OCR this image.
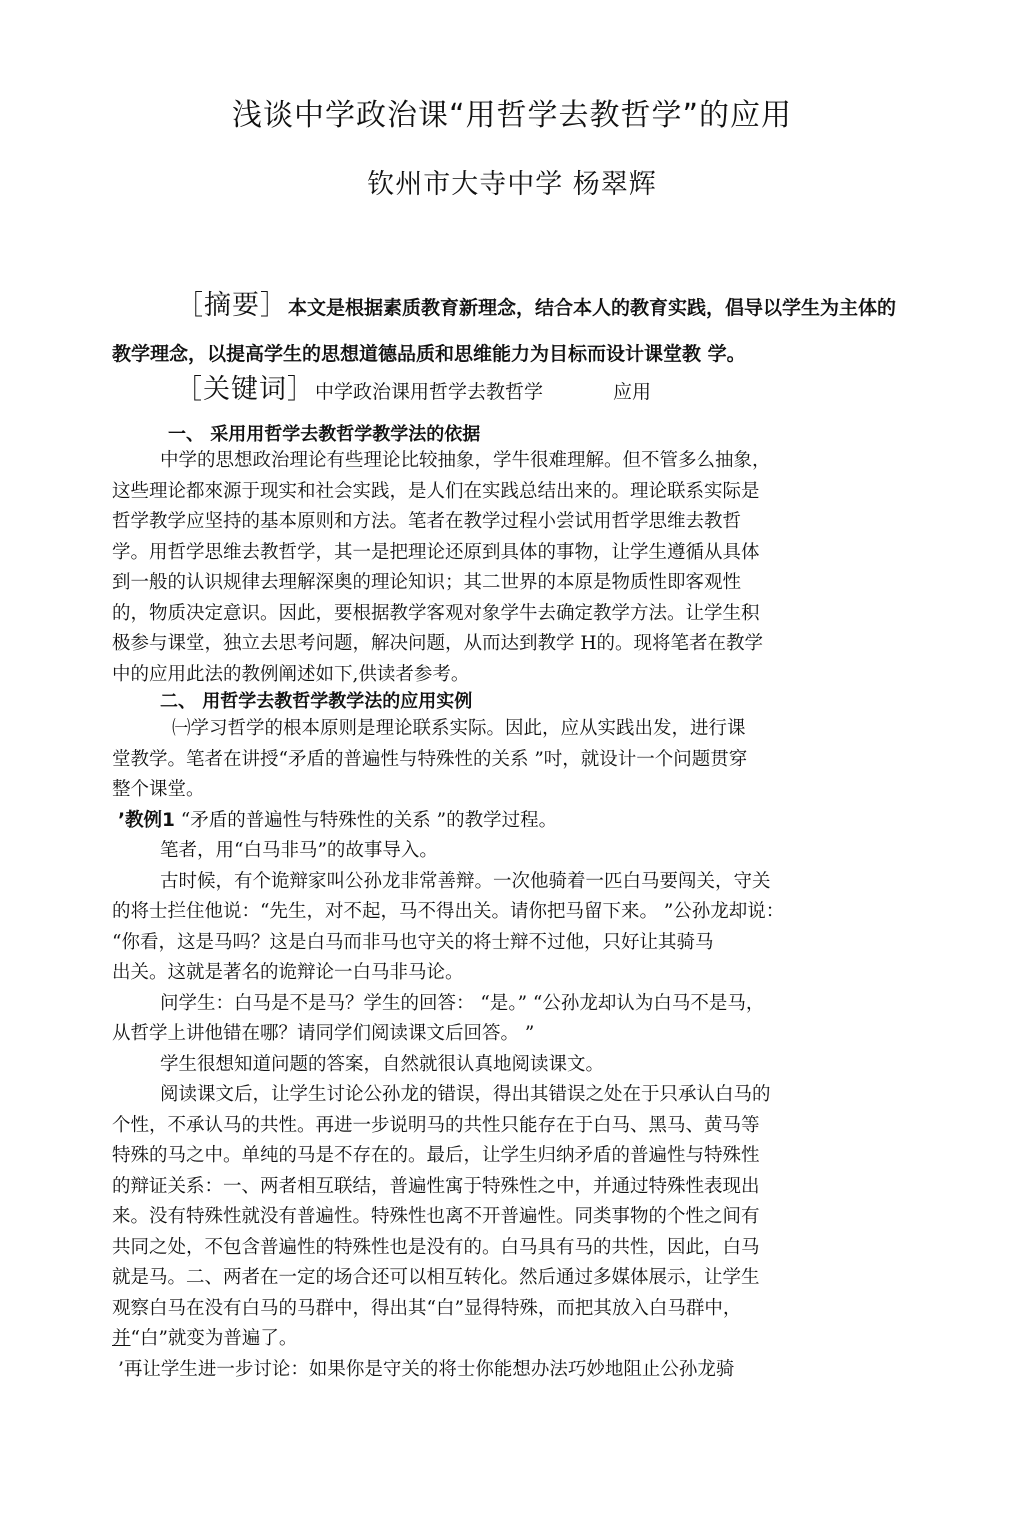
浅谈中学政治课“用哲学去教哲学”的应用
钦州市大寺中学 杨翠辉
［摘要］本文是根据素质教育新理念，结合本人的教育实践，倡导以学生为主体的教学理念，以提高学生的思想道德品质和思维能力为目标而设计课堂教 学。
［关键词］中学政治课用哲学去教哲学	应用
一、 采用用哲学去教哲学教学法的依据
中学的思想政治理论有些理论比较抽象，学牛很难理解。但不管多么抽象，
这些理论都來源于现实和社会实践，是人们在实践总结出来的。理论联系实际是
哲学教学应坚持的基本原则和方法。笔者在教学过程小尝试用哲学思维去教哲
学。用哲学思维去教哲学，其一是把理论还原到具体的事物，让学生遵循从具体
到一般的认识规律去理解深奥的理论知识；其二世界的本原是物质性即客观性
的，物质决定意识。因此，要根据教学客观对象学牛去确定教学方法。让学生积
极参与课堂，独立去思考问题，解决问题，从而达到教学 H的。现将笔者在教学
中的应用此法的教例阐述如下,供读者参考。
二、 用哲学去教哲学教学法的应用实例
㈠学习哲学的根本原则是理论联系实际。因此，应从实践出发，进行课
堂教学。笔者在讲授“矛盾的普遍性与特殊性的关系 ”吋，就设计一个问题贯穿
整个课堂。
’教例1 “矛盾的普遍性与特殊性的关系 ”的教学过程。
笔者，用“白马非马”的故事导入。
古时候，有个诡辩家叫公孙龙非常善辩。一次他骑着一匹白马要闯关，守关
的将士拦住他说：“先生，对不起，马不得出关。请你把马留下来。 ”公孙龙却说：
“你看，这是马吗？这是白马而非马也守关的将士辩不过他，只好让其骑马
出关。这就是著名的诡辩论一白马非马论。
问学生：白马是不是马？学生的回答： “是。” “公孙龙却认为白马不是马，
从哲学上讲他错在哪？请同学们阅读课文后回答。 ”
学生很想知道问题的答案，自然就很认真地阅读课文。
阅读课文后，让学生讨论公孙龙的错误，得出其错误之处在于只承认白马的
个性，不承认马的共性。再进一步说明马的共性只能存在于白马、黑马、黄马等
特殊的马之中。单纯的马是不存在的。最后，让学生归纳矛盾的普遍性与特殊性
的辩证关系：一、两者相互联结，普遍性寓于特殊性之中，并通过特殊性表现出
来。没有特殊性就没有普遍性。特殊性也离不开普遍性。同类事物的个性之间有
共同之处，不包含普遍性的特殊性也是没有的。白马具有马的共性，因此，白马
就是马。二、两者在一定的场合还可以相互转化。然后通过多媒体展示，让学生
观察白马在没有白马的马群中，得出其“白”显得特殊，而把其放入白马群中，
并“白”就变为普遍了。
’再让学生进一步讨论：如果你是守关的将士你能想办法巧妙地阻止公孙龙骑
